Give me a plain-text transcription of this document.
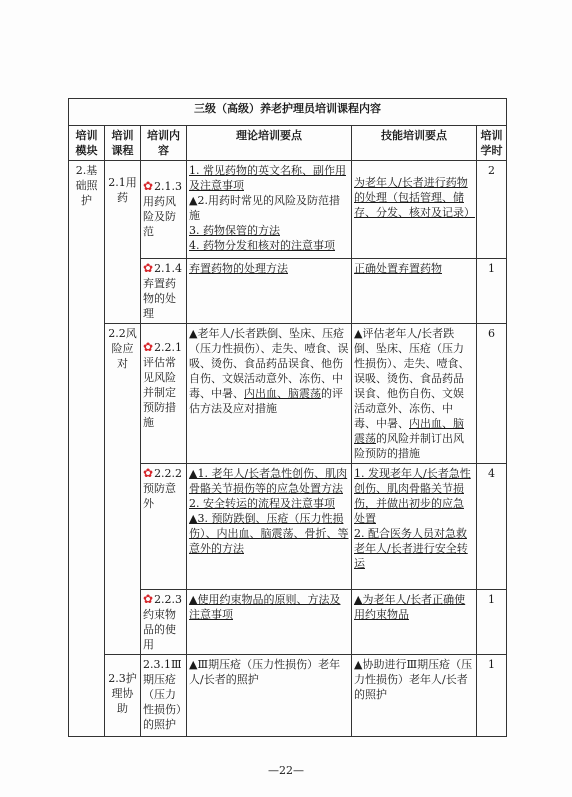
三级（高级）养老护理员培训课程内容					
培训模块	培训课程	培训内容	理论培训要点	技能培训要点	培训学时
2.基础照护	2.1用药	✿2.1.3用药风险及防范	1. 常见药物的英文名称、副作用及注意事项
▲2.用药时常见的风险及防范措施
3. 药物保管的方法
4. 药物分发和核对的注意事项	为老年人/长者进行药物的处理（包括管理、储存、分发、核对及记录）	2
		✿2.1.4弃置药物的处理	弃置药物的处理方法	正确处置弃置药物	1
	2.2风险应对	✿2.2.1评估常见风险并制定预防措施	▲老年人/长者跌倒、坠床、压疮（压力性损伤）、走失、噎食、误吸、烫伤、食品药品误食、他伤自伤、文娱活动意外、冻伤、中毒、中暑、内出血、脑震荡的评估方法及应对措施	▲评估老年人/长者跌倒、坠床、压疮（压力性损伤）、走失、噎食、误吸、烫伤、食品药品误食、他伤自伤、文娱活动意外、冻伤、中毒、中暑、内出血、脑震荡的风险并制订出风险预防的措施	6
		✿2.2.2预防意外	▲1. 老年人/长者急性创伤、肌肉骨骼关节损伤等的应急处置方法
2. 安全转运的流程及注意事项
▲3. 预防跌倒、压疮（压力性损伤）、内出血、脑震荡、骨折、等意外的方法	1. 发现老年人/长者急性创伤、肌肉骨骼关节损伤，并做出初步的应急处置
2. 配合医务人员对急救老年人/长者进行安全转运	4
		✿2.2.3约束物品的使用	▲使用约束物品的原则、方法及注意事项	▲为老年人/长者正确使用约束物品	1
	2.3护理协助	2.3.1Ⅲ期压疮（压力性损伤）的照护	▲Ⅲ期压疮（压力性损伤）老年人/长者的照护	▲协助进行Ⅲ期压疮（压力性损伤）老年人/长者的照护	1
—22—
